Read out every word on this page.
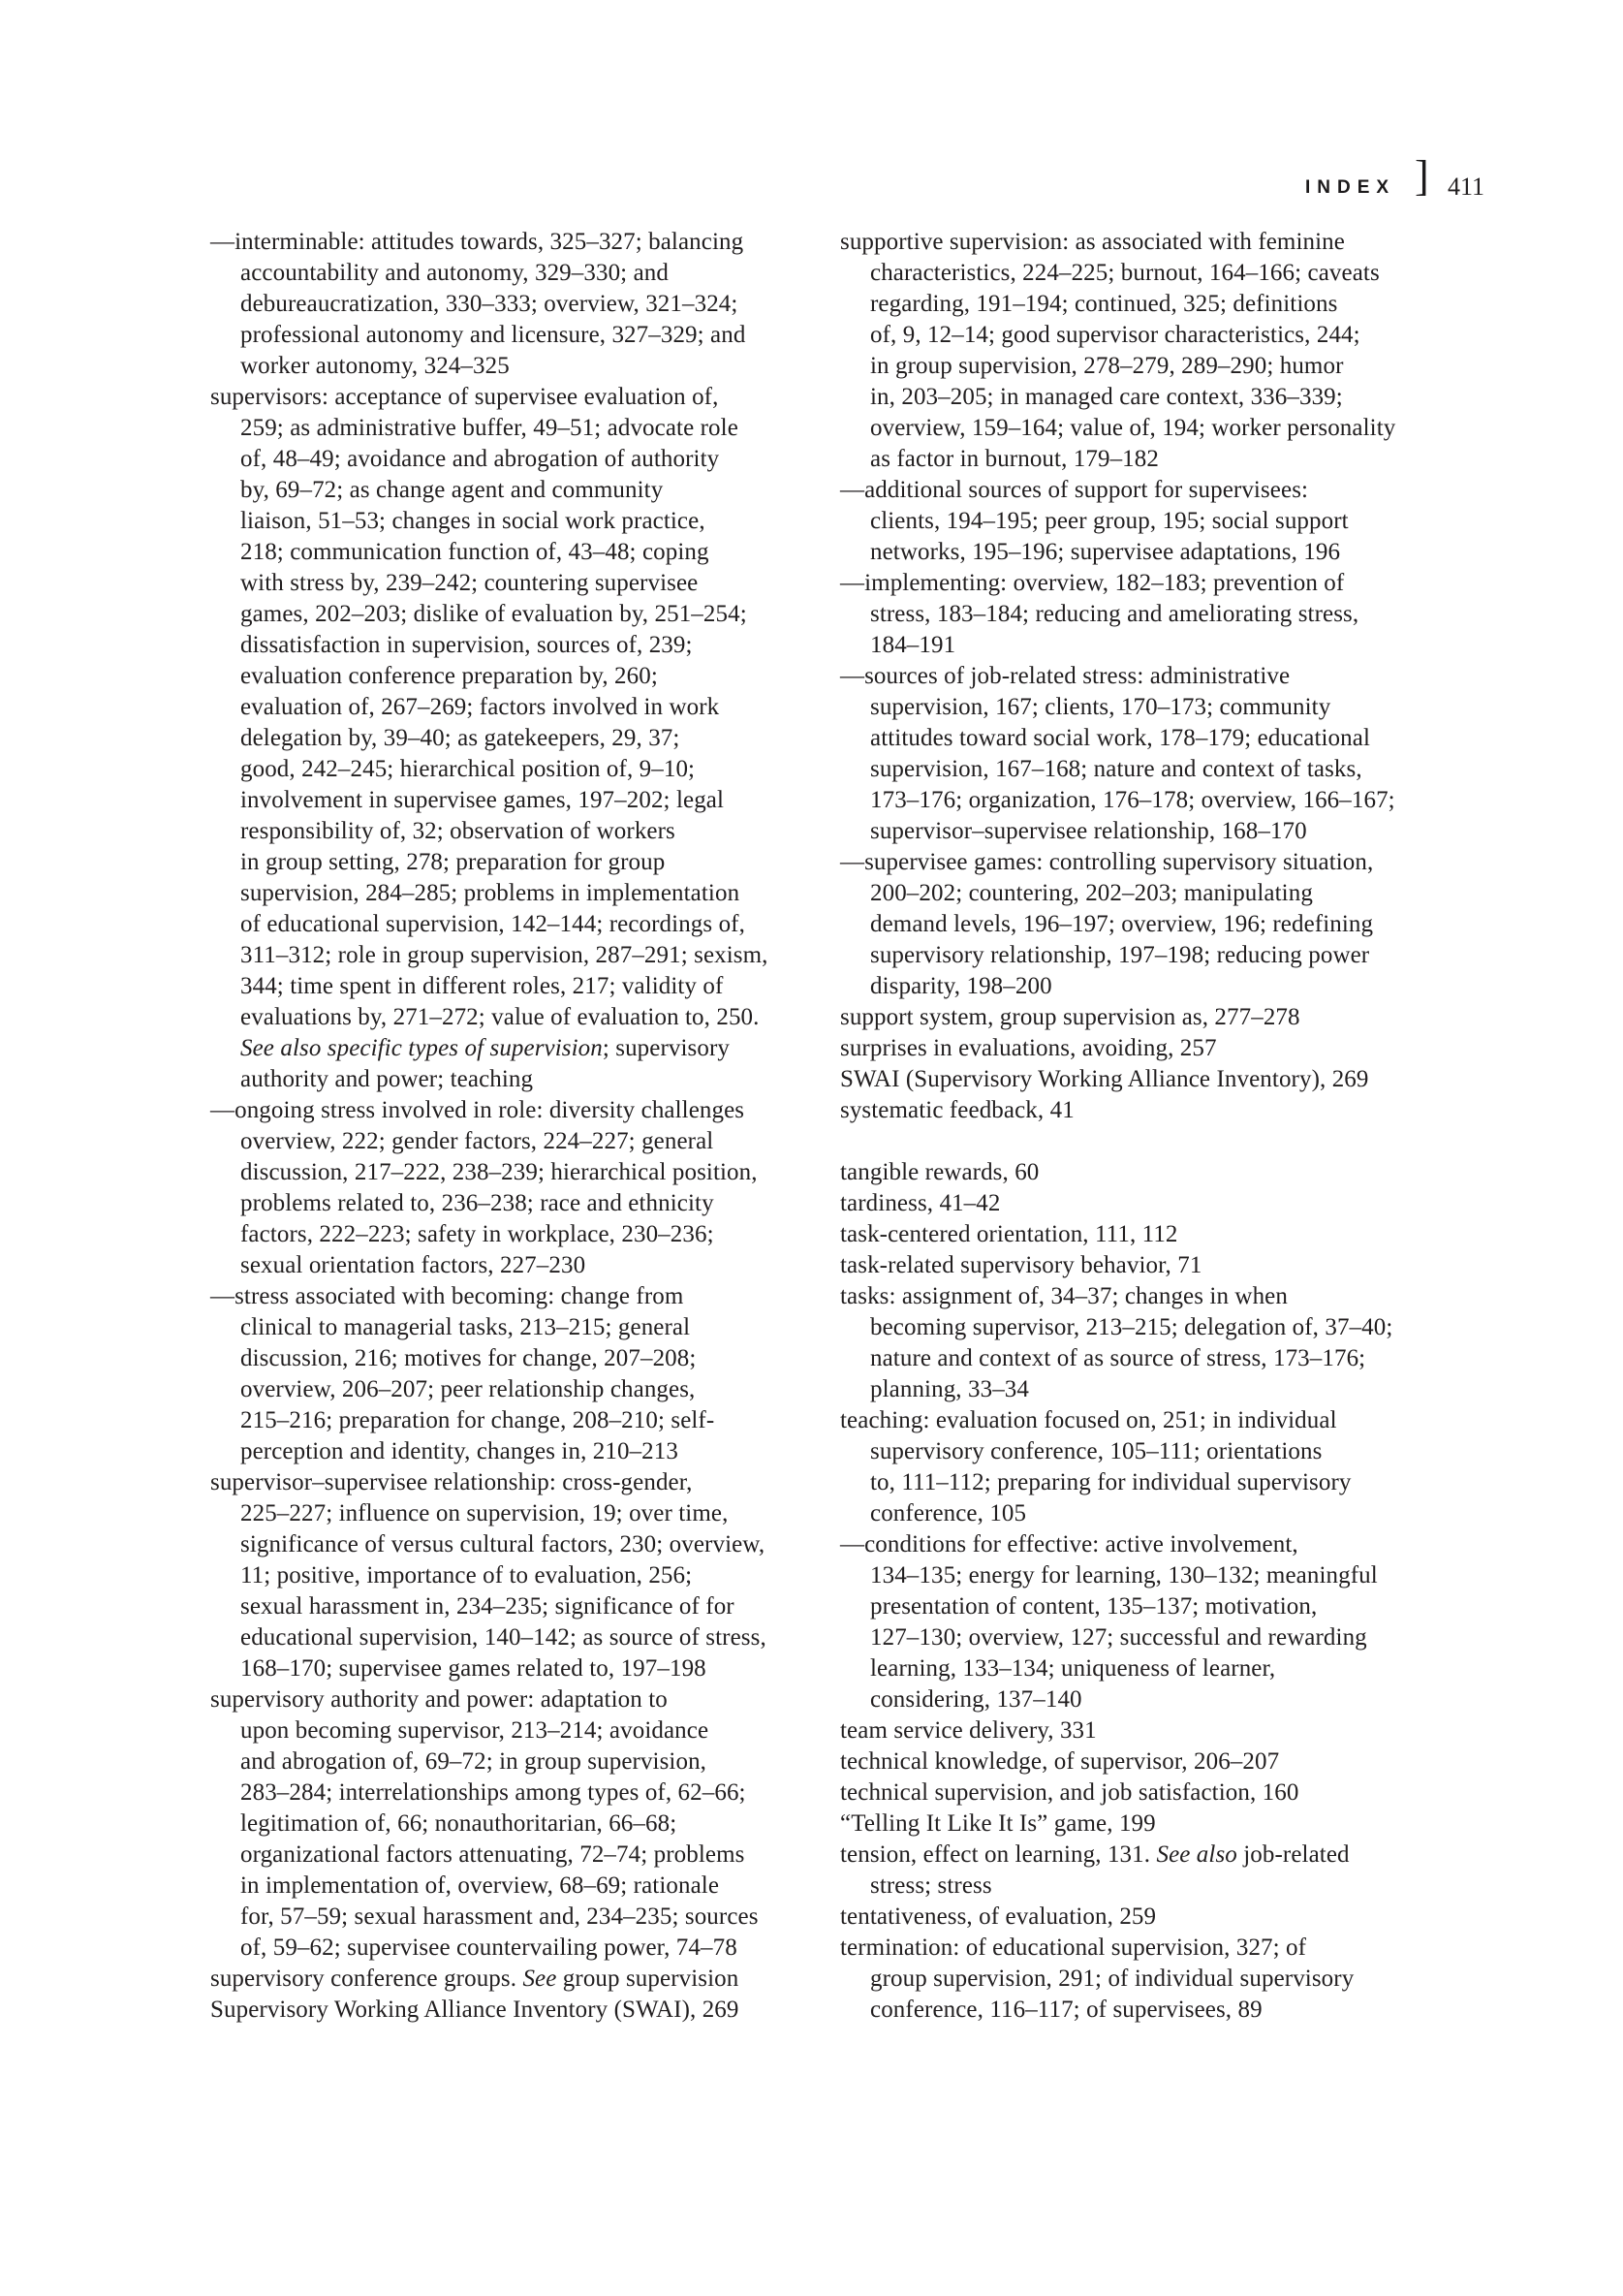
INDEX ] 411
—interminable: attitudes towards, 325–327; balancing
accountability and autonomy, 329–330; and
debureaucratization, 330–333; overview, 321–324;
professional autonomy and licensure, 327–329; and
worker autonomy, 324–325
supervisors: acceptance of supervisee evaluation of,
259; as administrative buffer, 49–51; advocate role
of, 48–49; avoidance and abrogation of authority
by, 69–72; as change agent and community
liaison, 51–53; changes in social work practice,
218; communication function of, 43–48; coping
with stress by, 239–242; countering supervisee
games, 202–203; dislike of evaluation by, 251–254;
dissatisfaction in supervision, sources of, 239;
evaluation conference preparation by, 260;
evaluation of, 267–269; factors involved in work
delegation by, 39–40; as gatekeepers, 29, 37;
good, 242–245; hierarchical position of, 9–10;
involvement in supervisee games, 197–202; legal
responsibility of, 32; observation of workers
in group setting, 278; preparation for group
supervision, 284–285; problems in implementation
of educational supervision, 142–144; recordings of,
311–312; role in group supervision, 287–291; sexism,
344; time spent in different roles, 217; validity of
evaluations by, 271–272; value of evaluation to, 250.
See also specific types of supervision; supervisory
authority and power; teaching
—ongoing stress involved in role: diversity challenges
overview, 222; gender factors, 224–227; general
discussion, 217–222, 238–239; hierarchical position,
problems related to, 236–238; race and ethnicity
factors, 222–223; safety in workplace, 230–236;
sexual orientation factors, 227–230
—stress associated with becoming: change from
clinical to managerial tasks, 213–215; general
discussion, 216; motives for change, 207–208;
overview, 206–207; peer relationship changes,
215–216; preparation for change, 208–210; self-
perception and identity, changes in, 210–213
supervisor–supervisee relationship: cross-gender,
225–227; influence on supervision, 19; over time,
significance of versus cultural factors, 230; overview,
11; positive, importance of to evaluation, 256;
sexual harassment in, 234–235; significance of for
educational supervision, 140–142; as source of stress,
168–170; supervisee games related to, 197–198
supervisory authority and power: adaptation to
upon becoming supervisor, 213–214; avoidance
and abrogation of, 69–72; in group supervision,
283–284; interrelationships among types of, 62–66;
legitimation of, 66; nonauthoritarian, 66–68;
organizational factors attenuating, 72–74; problems
in implementation of, overview, 68–69; rationale
for, 57–59; sexual harassment and, 234–235; sources
of, 59–62; supervisee countervailing power, 74–78
supervisory conference groups. See group supervision
Supervisory Working Alliance Inventory (SWAI), 269
supportive supervision: as associated with feminine
characteristics, 224–225; burnout, 164–166; caveats
regarding, 191–194; continued, 325; definitions
of, 9, 12–14; good supervisor characteristics, 244;
in group supervision, 278–279, 289–290; humor
in, 203–205; in managed care context, 336–339;
overview, 159–164; value of, 194; worker personality
as factor in burnout, 179–182
—additional sources of support for supervisees:
clients, 194–195; peer group, 195; social support
networks, 195–196; supervisee adaptations, 196
—implementing: overview, 182–183; prevention of
stress, 183–184; reducing and ameliorating stress,
184–191
—sources of job-related stress: administrative
supervision, 167; clients, 170–173; community
attitudes toward social work, 178–179; educational
supervision, 167–168; nature and context of tasks,
173–176; organization, 176–178; overview, 166–167;
supervisor–supervisee relationship, 168–170
—supervisee games: controlling supervisory situation,
200–202; countering, 202–203; manipulating
demand levels, 196–197; overview, 196; redefining
supervisory relationship, 197–198; reducing power
disparity, 198–200
support system, group supervision as, 277–278
surprises in evaluations, avoiding, 257
SWAI (Supervisory Working Alliance Inventory), 269
systematic feedback, 41
tangible rewards, 60
tardiness, 41–42
task-centered orientation, 111, 112
task-related supervisory behavior, 71
tasks: assignment of, 34–37; changes in when
becoming supervisor, 213–215; delegation of, 37–40;
nature and context of as source of stress, 173–176;
planning, 33–34
teaching: evaluation focused on, 251; in individual
supervisory conference, 105–111; orientations
to, 111–112; preparing for individual supervisory
conference, 105
—conditions for effective: active involvement,
134–135; energy for learning, 130–132; meaningful
presentation of content, 135–137; motivation,
127–130; overview, 127; successful and rewarding
learning, 133–134; uniqueness of learner,
considering, 137–140
team service delivery, 331
technical knowledge, of supervisor, 206–207
technical supervision, and job satisfaction, 160
“Telling It Like It Is” game, 199
tension, effect on learning, 131. See also job-related
stress; stress
tentativeness, of evaluation, 259
termination: of educational supervision, 327; of
group supervision, 291; of individual supervisory
conference, 116–117; of supervisees, 89
